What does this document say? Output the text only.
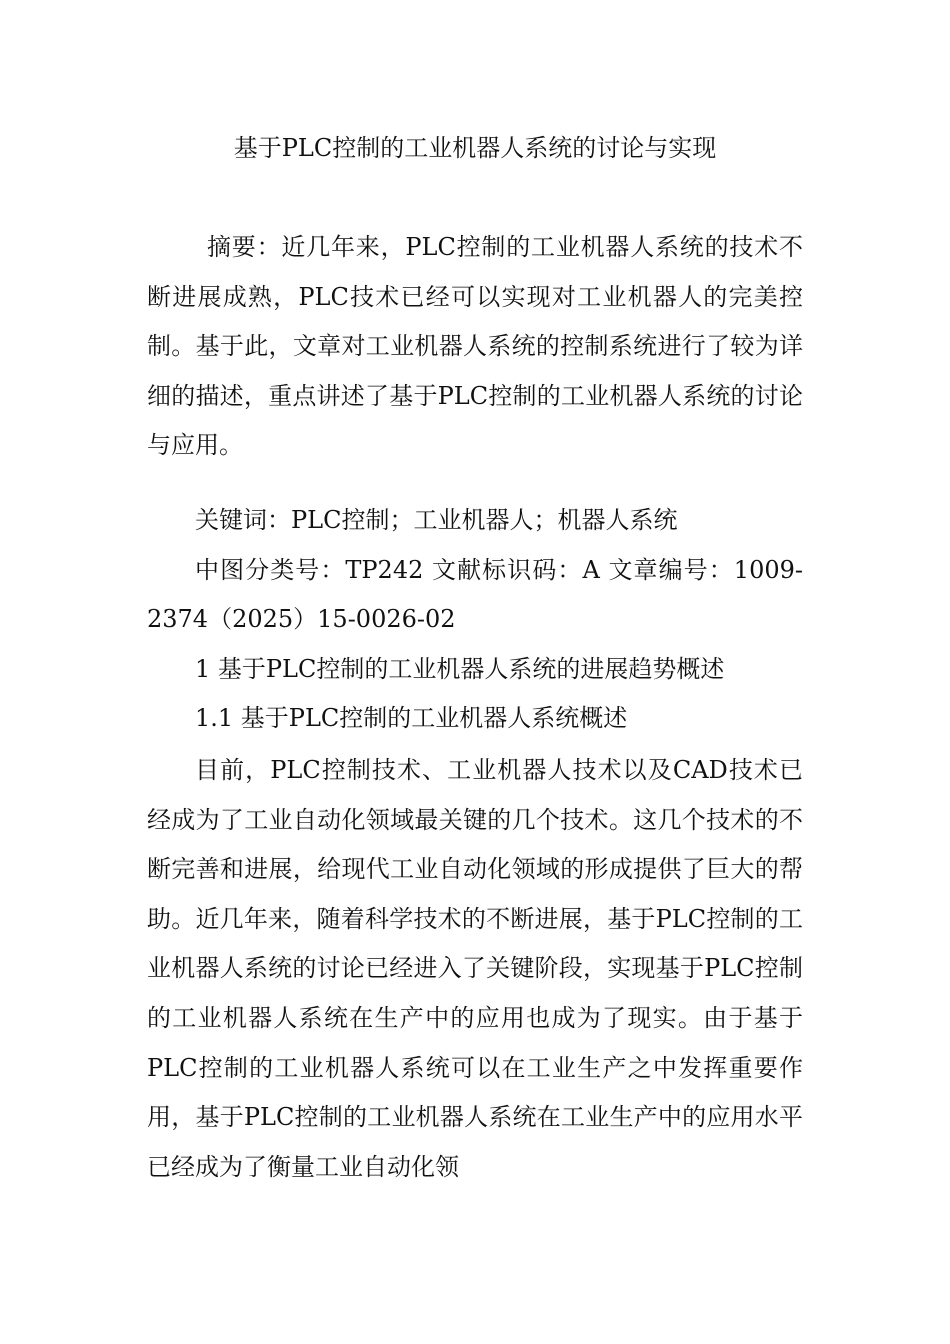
基于PLC控制的工业机器人系统的讨论与实现

摘要：近几年来，PLC控制的工业机器人系统的技术不断进展成熟，PLC技术已经可以实现对工业机器人的完美控制。基于此，文章对工业机器人系统的控制系统进行了较为详细的描述，重点讲述了基于PLC控制的工业机器人系统的讨论与应用。

关键词：PLC控制；工业机器人；机器人系统

中图分类号：TP242 文献标识码：A 文章编号：1009-2374（2025）15-0026-02

1 基于PLC控制的工业机器人系统的进展趋势概述

1.1 基于PLC控制的工业机器人系统概述

目前，PLC控制技术、工业机器人技术以及CAD技术已经成为了工业自动化领域最关键的几个技术。这几个技术的不断完善和进展，给现代工业自动化领域的形成提供了巨大的帮助。近几年来，随着科学技术的不断进展，基于PLC控制的工业机器人系统的讨论已经进入了关键阶段，实现基于PLC控制的工业机器人系统在生产中的应用也成为了现实。由于基于PLC控制的工业机器人系统可以在工业生产之中发挥重要作用，基于PLC控制的工业机器人系统在工业生产中的应用水平已经成为了衡量工业自动化领
